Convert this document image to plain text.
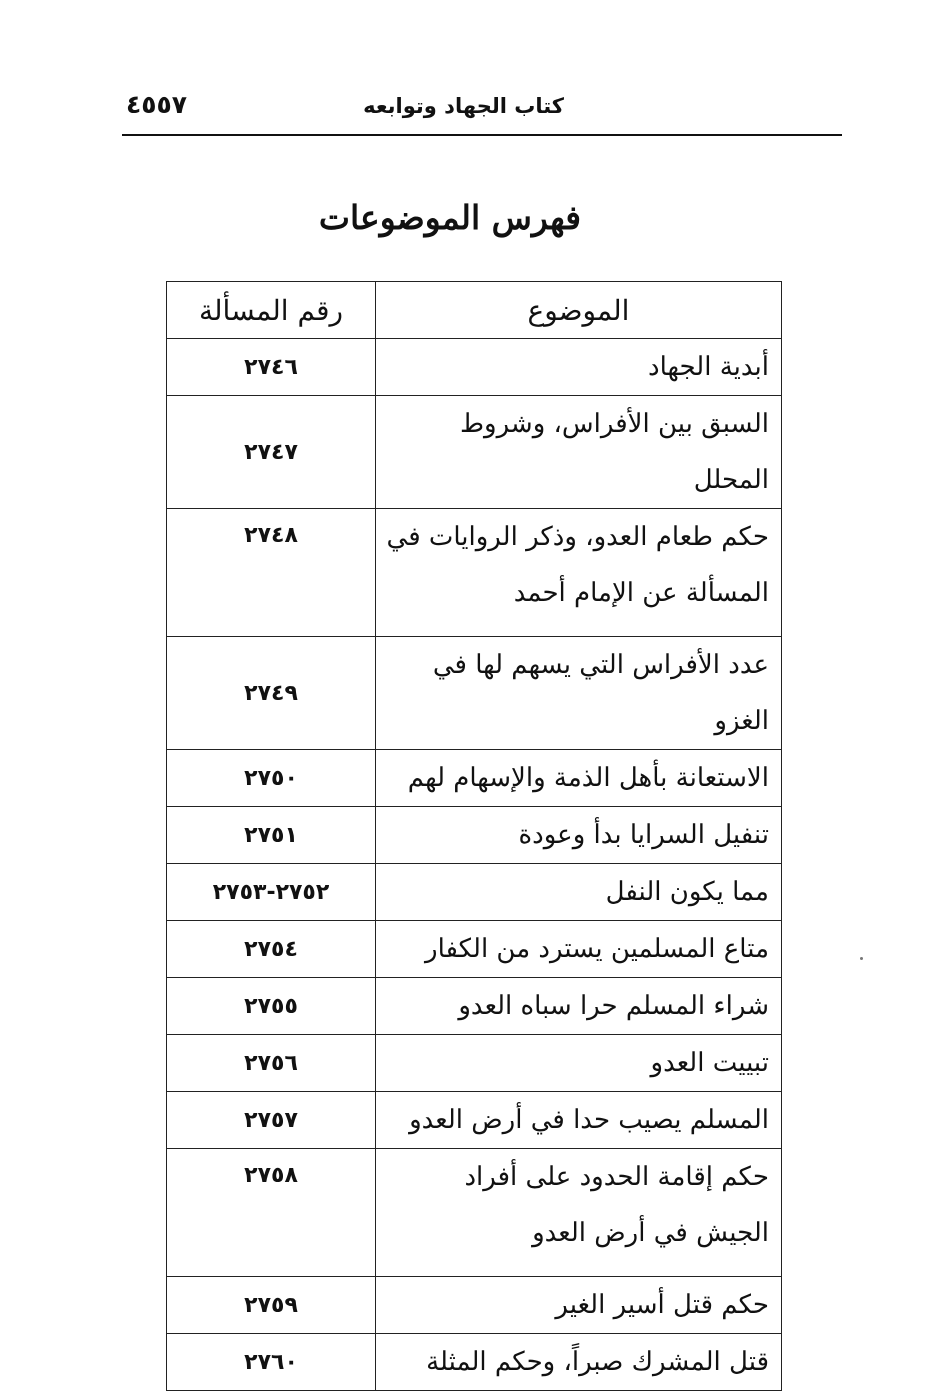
كتاب الجهاد وتوابعه
٤٥٥٧
فهرس الموضوعات
الموضوع	رقم المسألة
أبدية الجهاد	٢٧٤٦
السبق بين الأفراس، وشروط المحلل	٢٧٤٧
حكم طعام العدو، وذكر الروايات في المسألة عن الإمام أحمد	٢٧٤٨
عدد الأفراس التي يسهم لها في الغزو	٢٧٤٩
الاستعانة بأهل الذمة والإسهام لهم	٢٧٥٠
تنفيل السرايا بدأ وعودة	٢٧٥١
مما يكون النفل	٢٧٥٢-٢٧٥٣
متاع المسلمين يسترد من الكفار	٢٧٥٤
شراء المسلم حرا سباه العدو	٢٧٥٥
تبييت العدو	٢٧٥٦
المسلم يصيب حدا في أرض العدو	٢٧٥٧
حكم إقامة الحدود على أفراد الجيش في أرض العدو	٢٧٥٨
حكم قتل أسير الغير	٢٧٥٩
قتل المشرك صبراً، وحكم المثلة	٢٧٦٠
